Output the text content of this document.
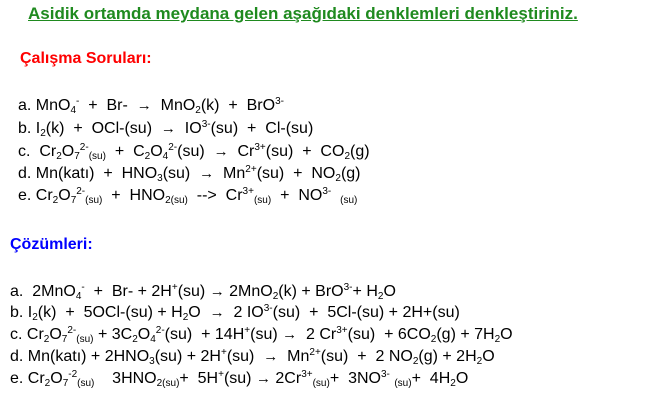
Asidik ortamda meydana gelen aşağıdaki denklemleri denkleştiriniz.
Çalışma Soruları:
a. MnO$_4$-  +  Br-  →  MnO$_2$(k)  +  BrO$^{3-}$
b. $I_2(k) + OCl-(su) \to IO^{3-}(su) + Cl-(su)$
c.  $Cr_2O_7^{2-}_{(su)} + C_2O_4^{2-}(su) \to Cr^{3+}(su) + CO_2(g)$
d. Mn(katı)  +  $HNO_3(su) \to Mn^{2+}(su) + NO_2(g)$
e. $Cr_2O_7^{2-}_{(su)} + HNO_{2(su)}$  -->  $Cr^{3+}_{(su)} + NO^{3-}$  $_{(su)}$
Çözümleri:
a.  $2MnO_4^- + Br- + 2H^+(su) \to 2MnO_2(k) + BrO^{3-}+ H_2O$
b. $I_2(k) + 5OCl-(su) + H_2O \to 2$ $IO^{3-}(su) + 5Cl-(su) + 2H+(su)$
c. $Cr_2O_7^{2-}_{(su)} + 3C_2O_4^{2-}(su) + 14H^+(su) \to 2$ $Cr^{3+}(su) + 6CO_2(g) + 7H_2O$
d. Mn(katı) + $2HNO_3(su) + 2H^+(su) \to Mn^{2+}(su) + 2$ $NO_2(g) + 2H_2O$
e. $Cr_2O_7^{-2}_{(su)}$    $3HNO_{2(su)}+ 5H^+(su) \to 2Cr^{3+}_{(su)}+ 3NO^{3-}$ $_{(su)}+ 4H_2O$
